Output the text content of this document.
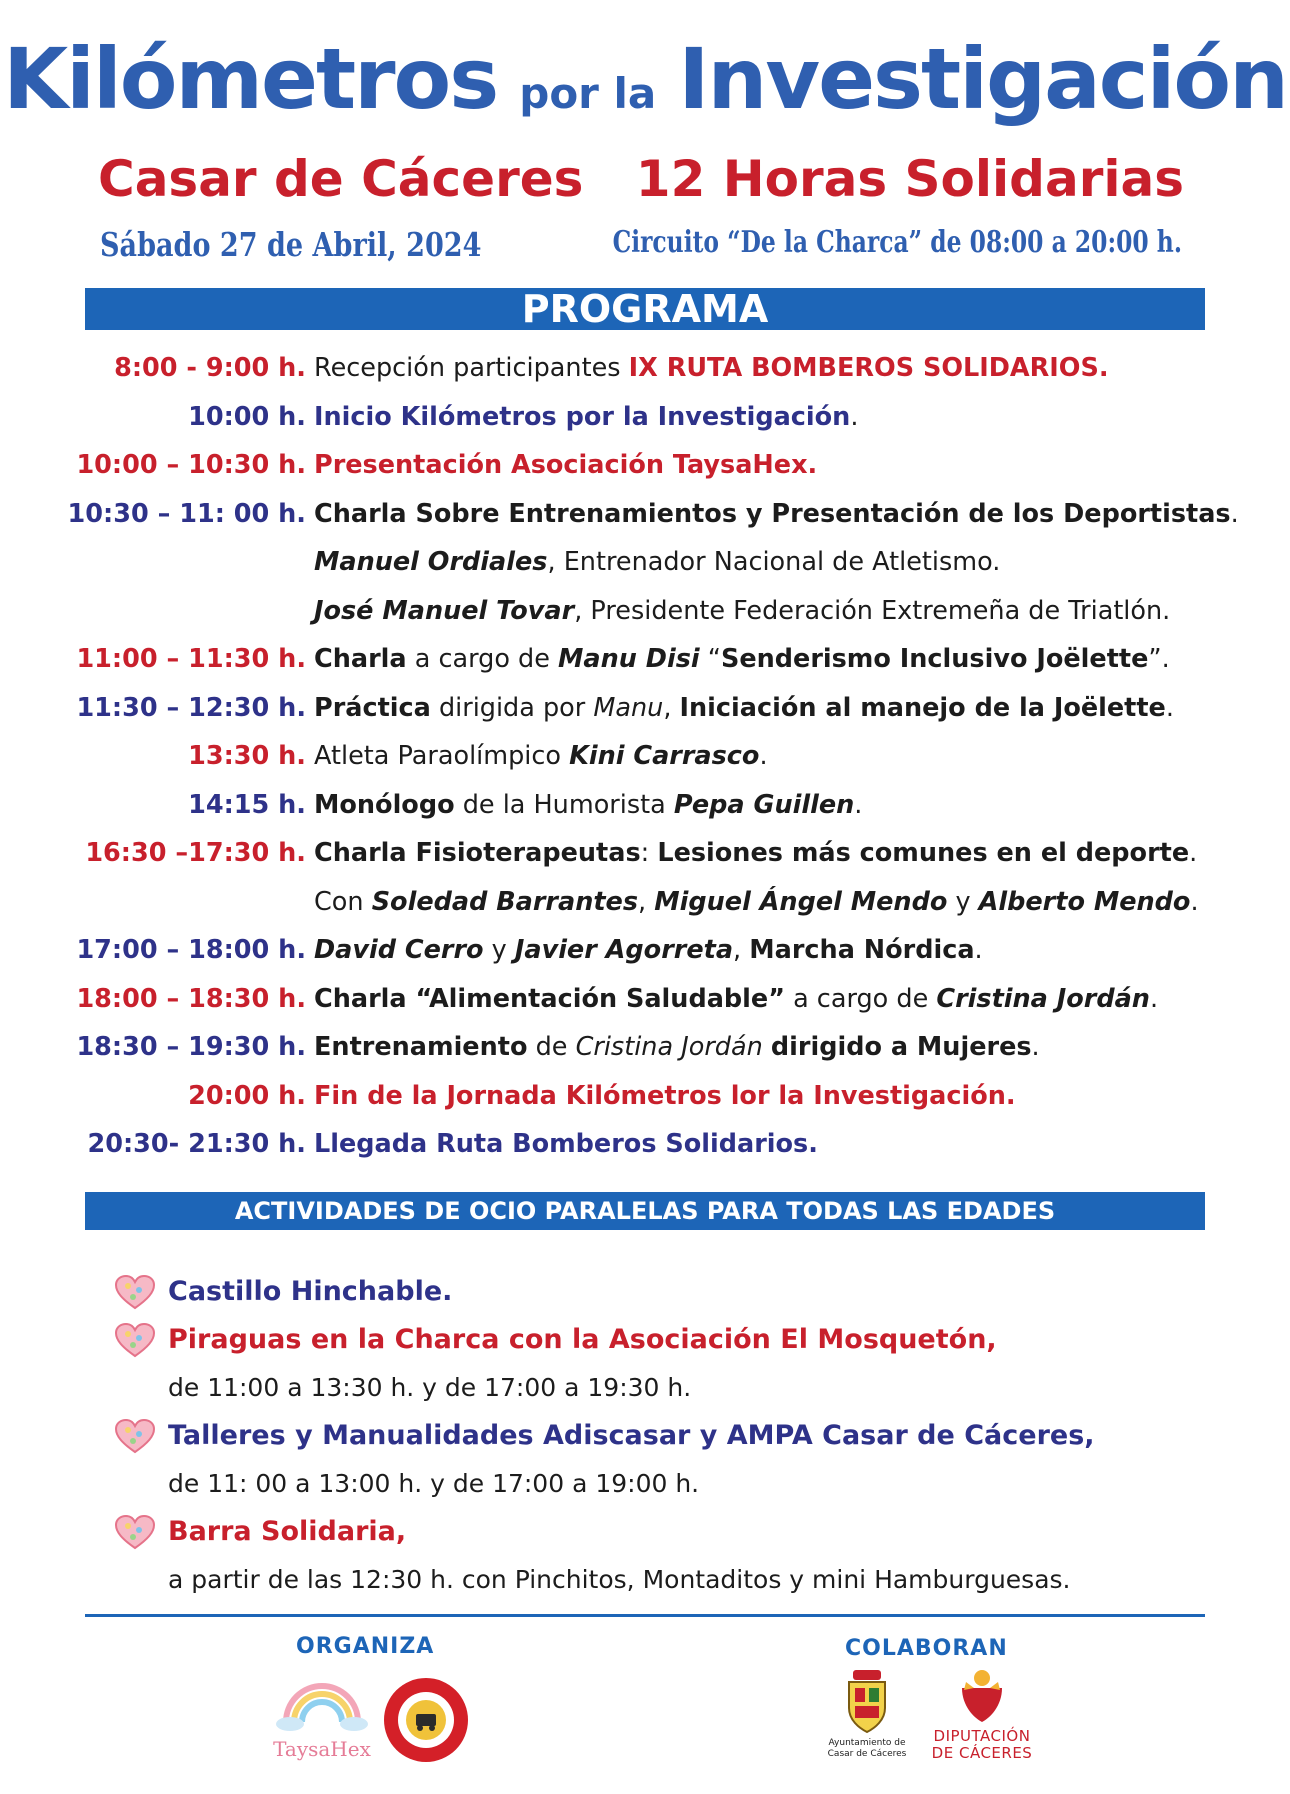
Kilómetros por la Investigación
Casar de Cáceres 12 Horas Solidarias
Sábado 27 de Abril, 2024	Circuito “De la Charca” de 08:00 a 20:00 h.
PROGRAMA
8:00 - 9:00 h. Recepción participantes IX RUTA BOMBEROS SOLIDARIOS.
10:00 h. Inicio Kilómetros por la Investigación.
10:00 – 10:30 h. Presentación Asociación TaysaHex.
10:30 – 11: 00 h. Charla Sobre Entrenamientos y Presentación de los Deportistas.
Manuel Ordiales, Entrenador Nacional de Atletismo.
José Manuel Tovar, Presidente Federación Extremeña de Triatlón.
11:00 – 11:30 h. Charla a cargo de Manu Disi “Senderismo Inclusivo Joëlette”.
11:30 – 12:30 h. Práctica dirigida por Manu, Iniciación al manejo de la Joëlette.
13:30 h. Atleta Paraolímpico Kini Carrasco.
14:15 h. Monólogo de la Humorista Pepa Guillen.
16:30 –17:30 h. Charla Fisioterapeutas: Lesiones más comunes en el deporte.
Con Soledad Barrantes, Miguel Ángel Mendo y Alberto Mendo.
17:00 – 18:00 h. David Cerro y Javier Agorreta, Marcha Nórdica.
18:00 – 18:30 h. Charla “Alimentación Saludable” a cargo de Cristina Jordán.
18:30 – 19:30 h. Entrenamiento de Cristina Jordán dirigido a Mujeres.
20:00 h. Fin de la Jornada Kilómetros lor la Investigación.
20:30- 21:30 h. Llegada Ruta Bomberos Solidarios.
ACTIVIDADES DE OCIO PARALELAS PARA TODAS LAS EDADES
Castillo Hinchable.
Piraguas en la Charca con la Asociación El Mosquetón,
de 11:00 a 13:30 h. y de 17:00 a 19:30 h.
Talleres y Manualidades Adiscasar y AMPA Casar de Cáceres,
de 11: 00 a 13:00 h. y de 17:00 a 19:00 h.
Barra Solidaria,
a partir de las 12:30 h. con Pinchitos, Montaditos y mini Hamburguesas.
ORGANIZA	COLABORAN
TaysaHex	Ayuntamiento de
Casar de Cáceres
DIPUTACIÓN
DE CÁCERES
